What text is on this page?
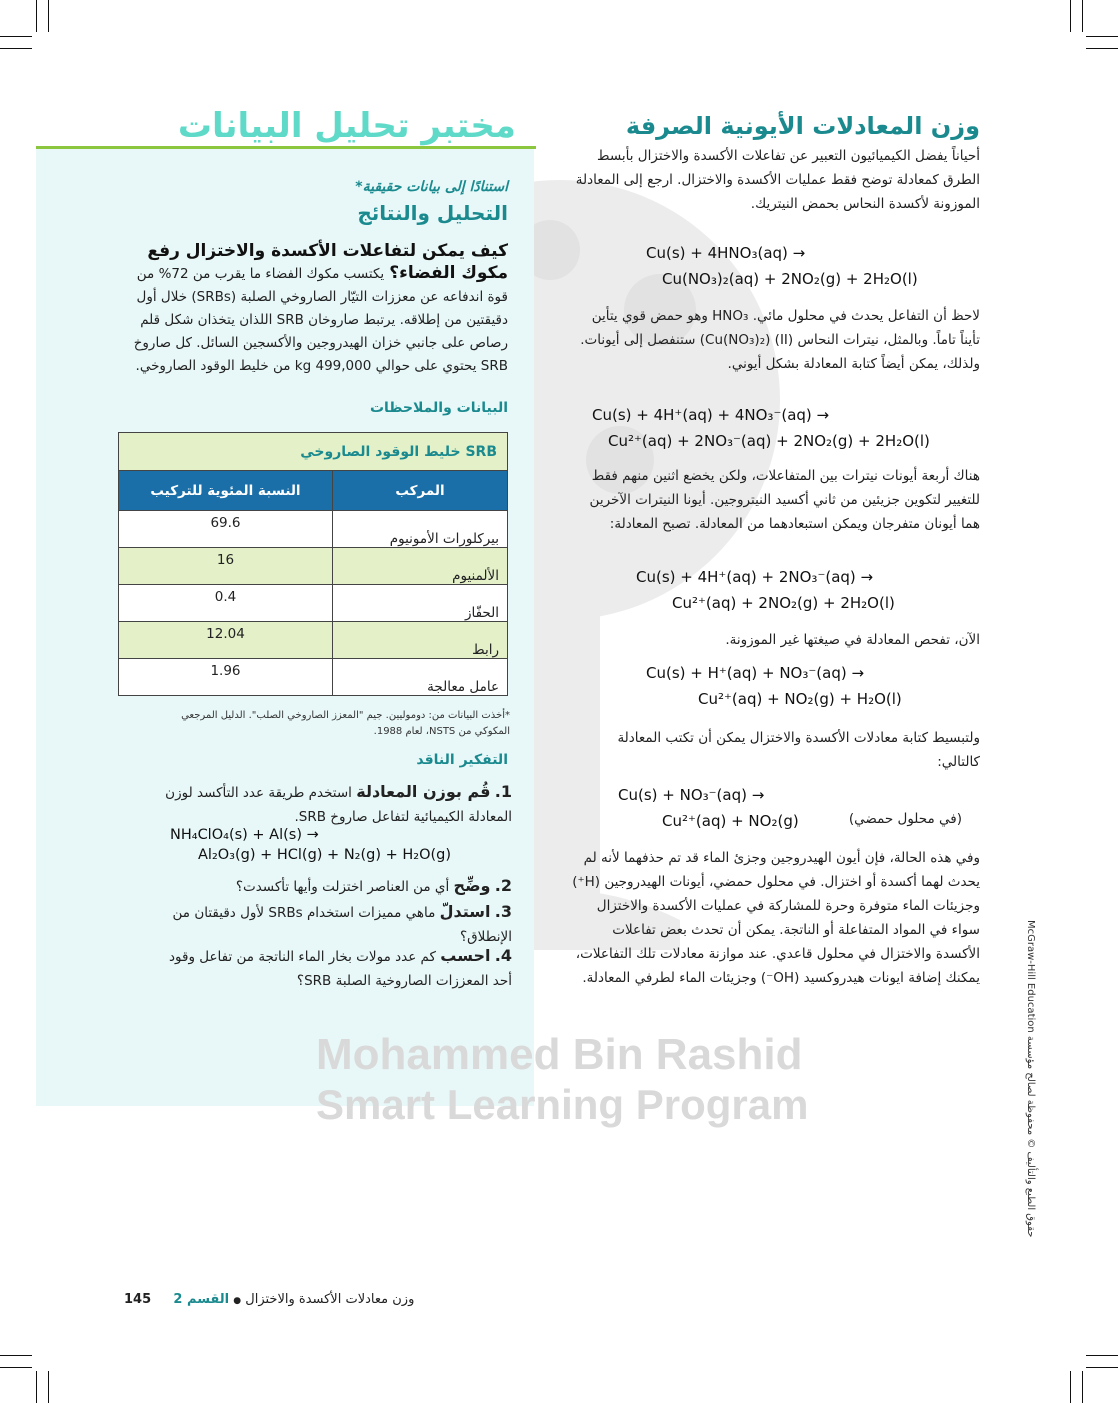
وزن المعادلات الأيونية الصرفة
أحياناً يفضل الكيميائيون التعبير عن تفاعلات الأكسدة والاختزال بأبسط الطرق كمعادلة توضح فقط عمليات الأكسدة والاختزال. ارجع إلى المعادلة الموزونة لأكسدة النحاس بحمض النيتريك.
Cu(s) + 4HNO₃(aq) →
Cu(NO₃)₂(aq) + 2NO₂(g) + 2H₂O(l)
لاحظ أن التفاعل يحدث في محلول مائي. HNO₃ وهو حمض قوي يتأين تأيناً تاماً. وبالمثل، نيترات النحاس (II) (Cu(NO₃)₂) ستنفصل إلى أيونات. ولذلك، يمكن أيضاً كتابة المعادلة بشكل أيوني.
Cu(s) + 4H⁺(aq) + 4NO₃⁻(aq) →
Cu²⁺(aq) + 2NO₃⁻(aq) + 2NO₂(g) + 2H₂O(l)
هناك أربعة أيونات نيترات بين المتفاعلات، ولكن يخضع اثنين منهم فقط للتغيير لتكوين جزيئين من ثاني أكسيد النيتروجين. أيونا النيترات الآخرين هما أيونان متفرجان ويمكن استبعادهما من المعادلة. تصبح المعادلة:
Cu(s) + 4H⁺(aq) + 2NO₃⁻(aq) →
Cu²⁺(aq) + 2NO₂(g) + 2H₂O(l)
الآن، تفحص المعادلة في صيغتها غير الموزونة.
Cu(s) + H⁺(aq) + NO₃⁻(aq) →
Cu²⁺(aq) + NO₂(g) + H₂O(l)
ولتبسيط كتابة معادلات الأكسدة والاختزال يمكن أن تكتب المعادلة كالتالي:
Cu(s) + NO₃⁻(aq) →
Cu²⁺(aq) + NO₂(g)	(في محلول حمضي)
وفي هذه الحالة، فإن أيون الهيدروجين وجزئ الماء قد تم حذفهما لأنه لم يحدث لهما أكسدة أو اختزال. في محلول حمضي، أيونات الهيدروجين (H⁺) وجزيئات الماء متوفرة وحرة للمشاركة في عمليات الأكسدة والاختزال سواء في المواد المتفاعلة أو الناتجة. يمكن أن تحدث بعض تفاعلات الأكسدة والاختزال في محلول قاعدي. عند موازنة معادلات تلك التفاعلات، يمكنك إضافة ايونات هيدروكسيد (OH⁻) وجزيئات الماء لطرفي المعادلة.
مختبر تحليل البيانات
استنادًا إلى بيانات حقيقية*
التحليل والنتائج
كيف يمكن لتفاعلات الأكسدة والاختزال رفع مكوك الفضاء؟ يكتسب مكوك الفضاء ما يقرب من 72% من قوة اندفاعه عن معززات التيّار الصاروخي الصلبة (SRBs) خلال أول دقيقتين من إطلاقه. يرتبط صاروخان SRB اللذان يتخذان شكل قلم رصاص على جانبي خزان الهيدروجين والأكسجين السائل. كل صاروخ SRB يحتوي على حوالي 499,000 kg من خليط الوقود الصاروخي.
البيانات والملاحظات
SRB خليط الوقود الصاروخي	
المركب	النسبة المئوية للتركيب
بيركلورات الأمونيوم	69.6
الألمنيوم	16
الحفّاز	0.4
رابط	12.04
عامل معالجة	1.96
*أخذت البيانات من: دوموليين. جيم "المعزز الصاروخي الصلب". الدليل المرجعي المكوكي من NSTS، لعام 1988.
التفكير الناقد
1. قُم بوزن المعادلة استخدم طريقة عدد التأكسد لوزن المعادلة الكيميائية لتفاعل صاروخ SRB.
NH₄ClO₄(s) + Al(s) →
Al₂O₃(g) + HCl(g) + N₂(g) + H₂O(g)
2. وضِّح أي من العناصر اختزلت وأيها تأكسدت؟
3. استدلّ ماهي مميزات استخدام SRBs لأول دقيقتان من الإنطلاق؟
4. احسب كم عدد مولات بخار الماء الناتجة من تفاعل وقود أحد المعززات الصاروخية الصلبة SRB؟
Mohammed Bin Rashid
Smart Learning Program
حقوق الطبع والتأليف © محفوظة لصالح مؤسسة McGraw-Hill Education
145	وزن معادلات الأكسدة والاختزال ● القسم 2
